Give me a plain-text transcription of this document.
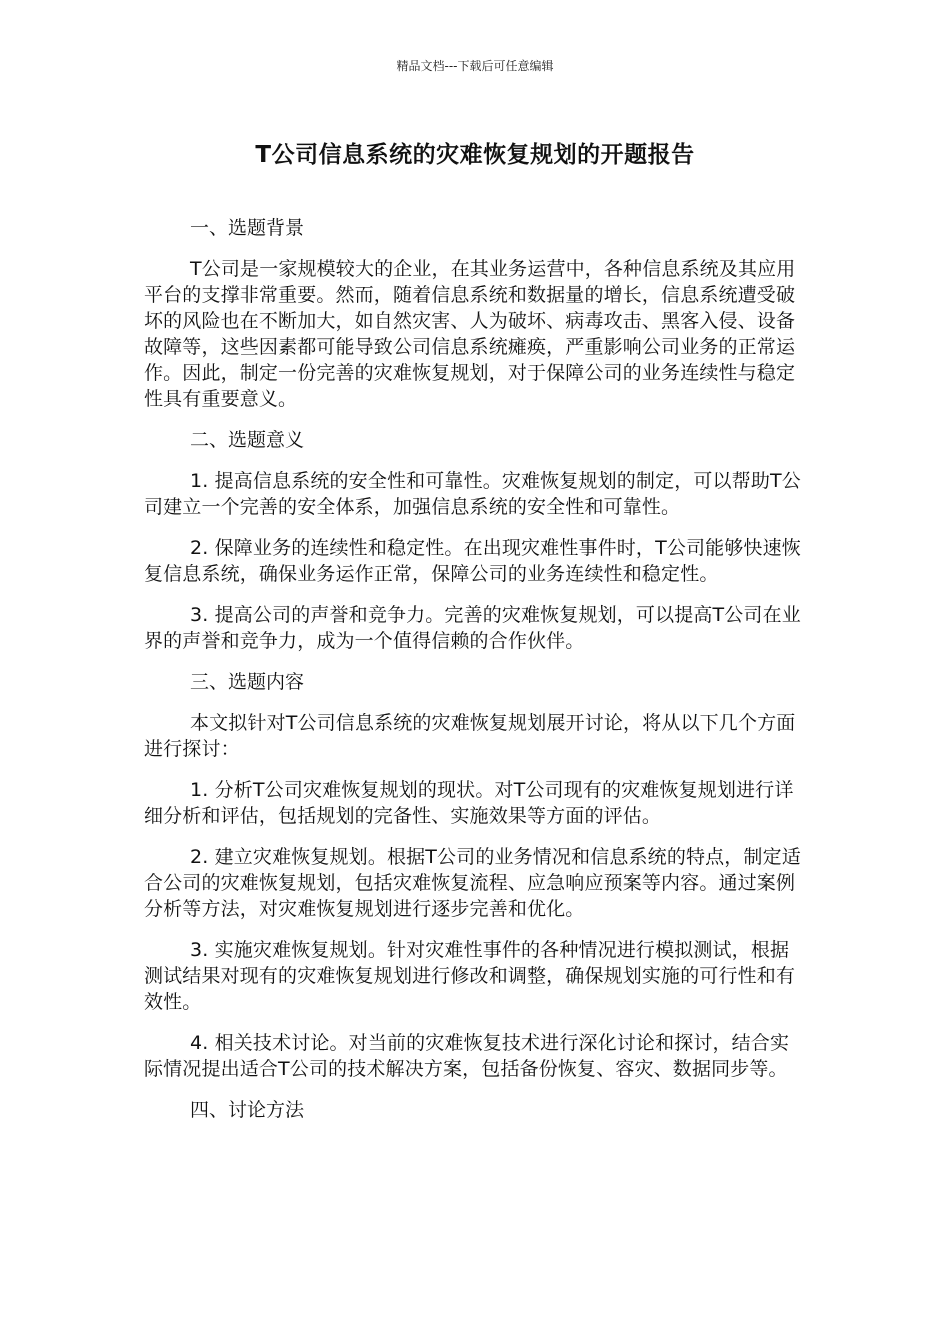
精品文档---下载后可任意编辑
T公司信息系统的灾难恢复规划的开题报告
一、选题背景

T公司是一家规模较大的企业，在其业务运营中，各种信息系统及其应用平台的支撑非常重要。然而，随着信息系统和数据量的增长，信息系统遭受破坏的风险也在不断加大，如自然灾害、人为破坏、病毒攻击、黑客入侵、设备故障等，这些因素都可能导致公司信息系统瘫痪，严重影响公司业务的正常运作。因此，制定一份完善的灾难恢复规划，对于保障公司的业务连续性与稳定性具有重要意义。

二、选题意义

1. 提高信息系统的安全性和可靠性。灾难恢复规划的制定，可以帮助T公司建立一个完善的安全体系，加强信息系统的安全性和可靠性。

2. 保障业务的连续性和稳定性。在出现灾难性事件时，T公司能够快速恢复信息系统，确保业务运作正常，保障公司的业务连续性和稳定性。

3. 提高公司的声誉和竞争力。完善的灾难恢复规划，可以提高T公司在业界的声誉和竞争力，成为一个值得信赖的合作伙伴。

三、选题内容

本文拟针对T公司信息系统的灾难恢复规划展开讨论，将从以下几个方面进行探讨：

1. 分析T公司灾难恢复规划的现状。对T公司现有的灾难恢复规划进行详细分析和评估，包括规划的完备性、实施效果等方面的评估。

2. 建立灾难恢复规划。根据T公司的业务情况和信息系统的特点，制定适合公司的灾难恢复规划，包括灾难恢复流程、应急响应预案等内容。通过案例分析等方法，对灾难恢复规划进行逐步完善和优化。

3. 实施灾难恢复规划。针对灾难性事件的各种情况进行模拟测试，根据测试结果对现有的灾难恢复规划进行修改和调整，确保规划实施的可行性和有效性。

4. 相关技术讨论。对当前的灾难恢复技术进行深化讨论和探讨，结合实际情况提出适合T公司的技术解决方案，包括备份恢复、容灾、数据同步等。

四、讨论方法
